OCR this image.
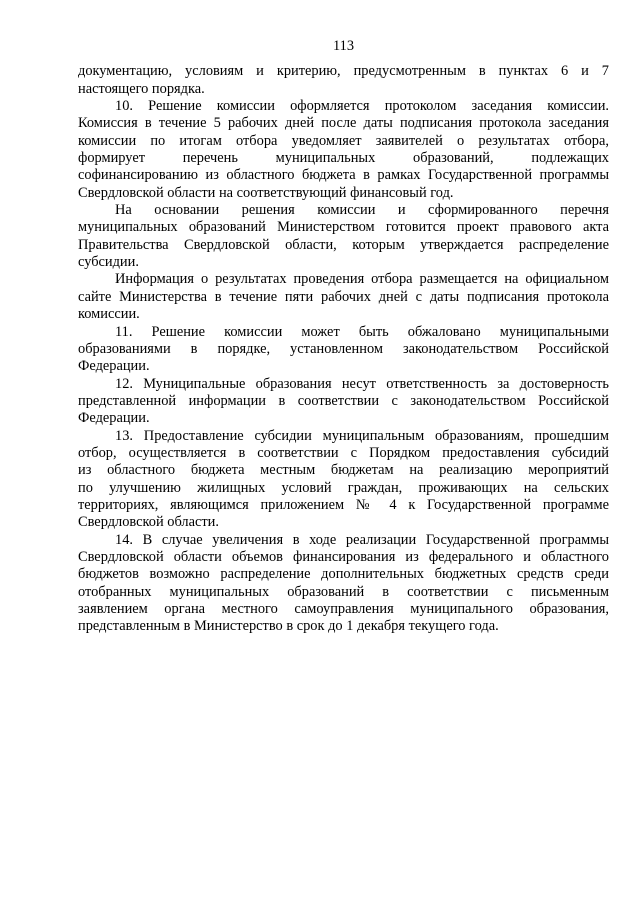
113
документацию, условиям и критерию, предусмотренным в пунктах 6 и 7
настоящего порядка.
10. Решение комиссии оформляется протоколом заседания комиссии.
Комиссия в течение 5 рабочих дней после даты подписания протокола заседания
комиссии по итогам отбора уведомляет заявителей о результатах отбора,
формирует перечень муниципальных образований, подлежащих
софинансированию из областного бюджета в рамках Государственной программы
Свердловской области на соответствующий финансовый год.
На основании решения комиссии и сформированного перечня
муниципальных образований Министерством готовится проект правового акта
Правительства Свердловской области, которым утверждается распределение
субсидии.
Информация о результатах проведения отбора размещается на официальном
сайте Министерства в течение пяти рабочих дней с даты подписания протокола
комиссии.
11. Решение комиссии может быть обжаловано муниципальными
образованиями в порядке, установленном законодательством Российской
Федерации.
12. Муниципальные образования несут ответственность за достоверность
представленной информации в соответствии с законодательством Российской
Федерации.
13. Предоставление субсидии муниципальным образованиям, прошедшим
отбор, осуществляется в соответствии с Порядком предоставления субсидий
из областного бюджета местным бюджетам на реализацию мероприятий
по улучшению жилищных условий граждан, проживающих на сельских
территориях, являющимся приложением № 4 к Государственной программе
Свердловской области.
14. В случае увеличения в ходе реализации Государственной программы
Свердловской области объемов финансирования из федерального и областного
бюджетов возможно распределение дополнительных бюджетных средств среди
отобранных муниципальных образований в соответствии с письменным
заявлением органа местного самоуправления муниципального образования,
представленным в Министерство в срок до 1 декабря текущего года.
